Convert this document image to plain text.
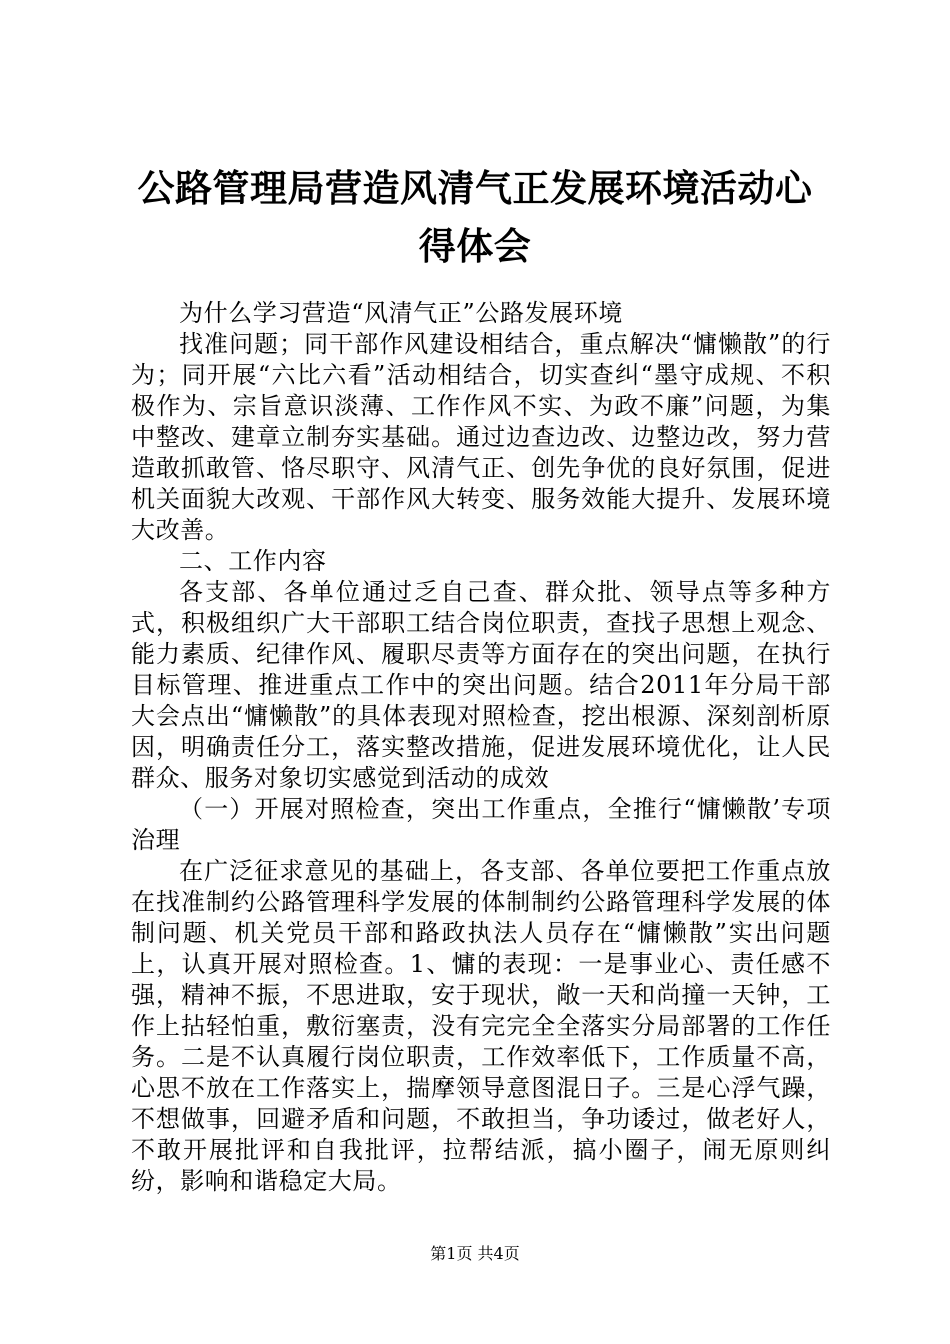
公路管理局营造风清气正发展环境活动心得体会

为什么学习营造“风清气正”公路发展环境

找准问题；同干部作风建设相结合，重点解决“慵懒散”的行为；同开展“六比六看”活动相结合，切实查纠“墨守成规、不积极作为、宗旨意识淡薄、工作作风不实、为政不廉”问题，为集中整改、建章立制夯实基础。通过边查边改、边整边改，努力营造敢抓敢管、恪尽职守、风清气正、创先争优的良好氛围，促进机关面貌大改观、干部作风大转变、服务效能大提升、发展环境大改善。

二、工作内容

各支部、各单位通过乏自己查、群众批、领导点等多种方式，积极组织广大干部职工结合岗位职责，查找子思想上观念、能力素质、纪律作风、履职尽责等方面存在的突出问题，在执行目标管理、推进重点工作中的突出问题。结合2011年分局干部大会点出“慵懒散”的具体表现对照检查，挖出根源、深刻剖析原因，明确责任分工，落实整改措施，促进发展环境优化，让人民群众、服务对象切实感觉到活动的成效

（一）开展对照检查，突出工作重点，全推行“慵懒散’专项治理

在广泛征求意见的基础上，各支部、各单位要把工作重点放在找准制约公路管理科学发展的体制制约公路管理科学发展的体制问题、机关党员干部和路政执法人员存在“慵懒散”实出问题上，认真开展对照检查。1、慵的表现：一是事业心、责任感不强，精神不振，不思进取，安于现状，敞一天和尚撞一天钟，工作上拈轻怕重，敷衍塞责，没有完完全全落实分局部署的工作任务。二是不认真履行岗位职责，工作效率低下，工作质量不高，心思不放在工作落实上，揣摩领导意图混日子。三是心浮气躁，不想做事，回避矛盾和问题，不敢担当，争功诿过，做老好人，不敢开展批评和自我批评，拉帮结派，搞小圈子，闹无原则纠纷，影响和谐稳定大局。

第1页 共4页
